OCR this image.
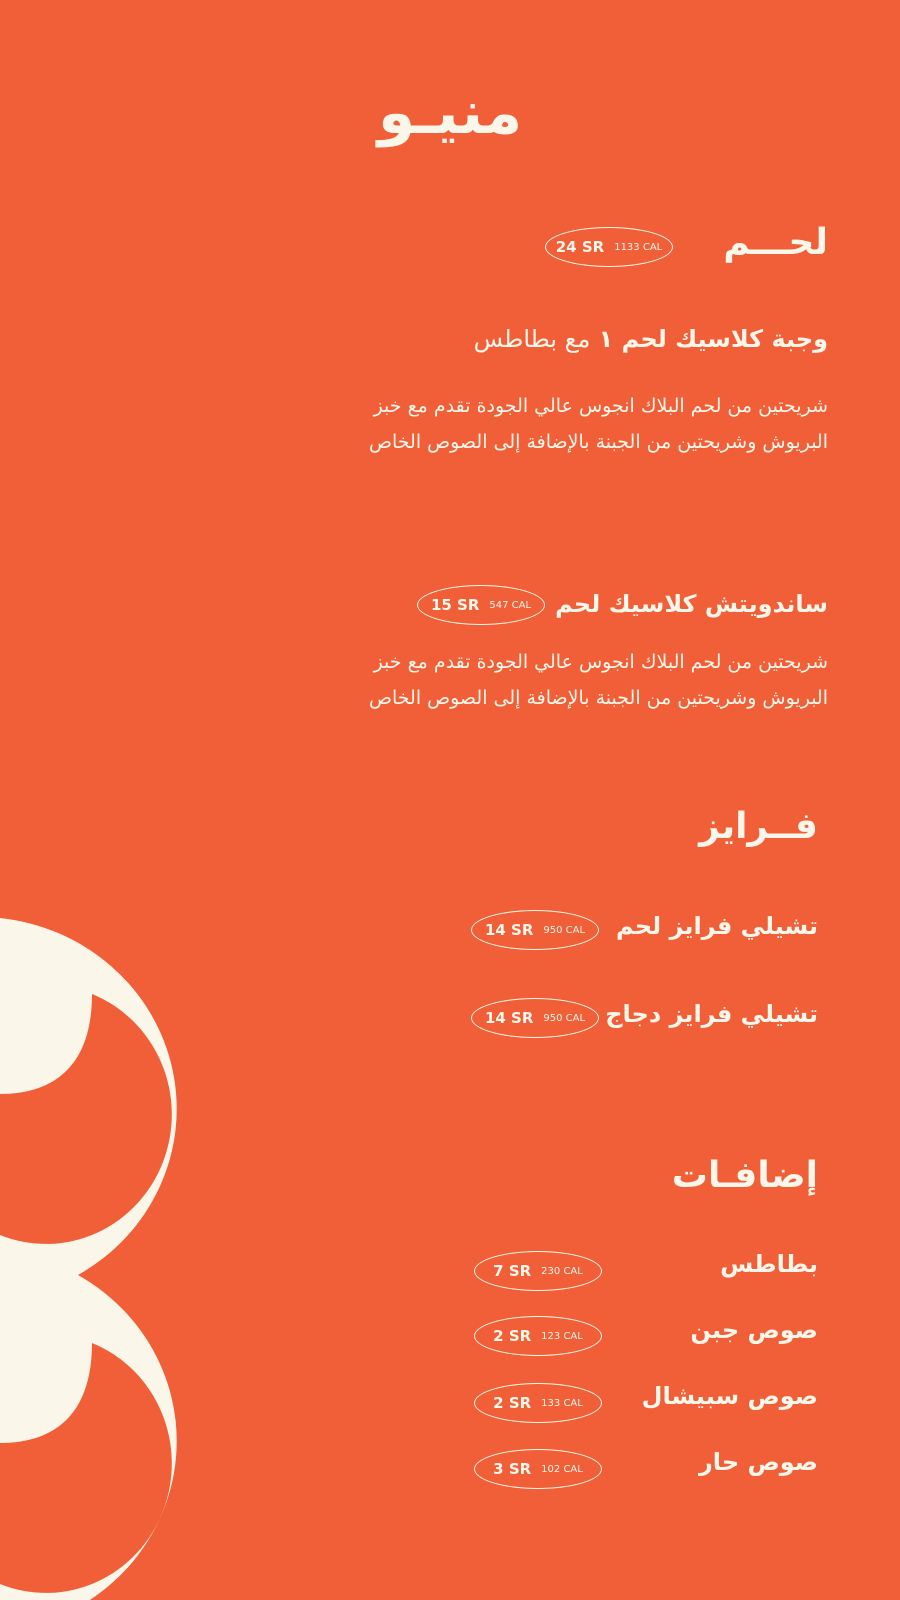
منيـو
لحـــم
24 SR 1133 CAL
وجبة كلاسيك لحم ١ مع بطاطس
شريحتين من لحم البلاك انجوس عالي الجودة تقدم مع خبز
البريوش وشريحتين من الجبنة بالإضافة إلى الصوص الخاص
ساندويتش كلاسيك لحم
15 SR 547 CAL
شريحتين من لحم البلاك انجوس عالي الجودة تقدم مع خبز
البريوش وشريحتين من الجبنة بالإضافة إلى الصوص الخاص
فــرايز
تشيلي فرايز لحم
14 SR 950 CAL
تشيلي فرايز دجاج
14 SR 950 CAL
إضافـات
بطاطس
7 SR 230 CAL
صوص جبن
2 SR 123 CAL
صوص سبيشال
2 SR 133 CAL
صوص حار
3 SR 102 CAL
